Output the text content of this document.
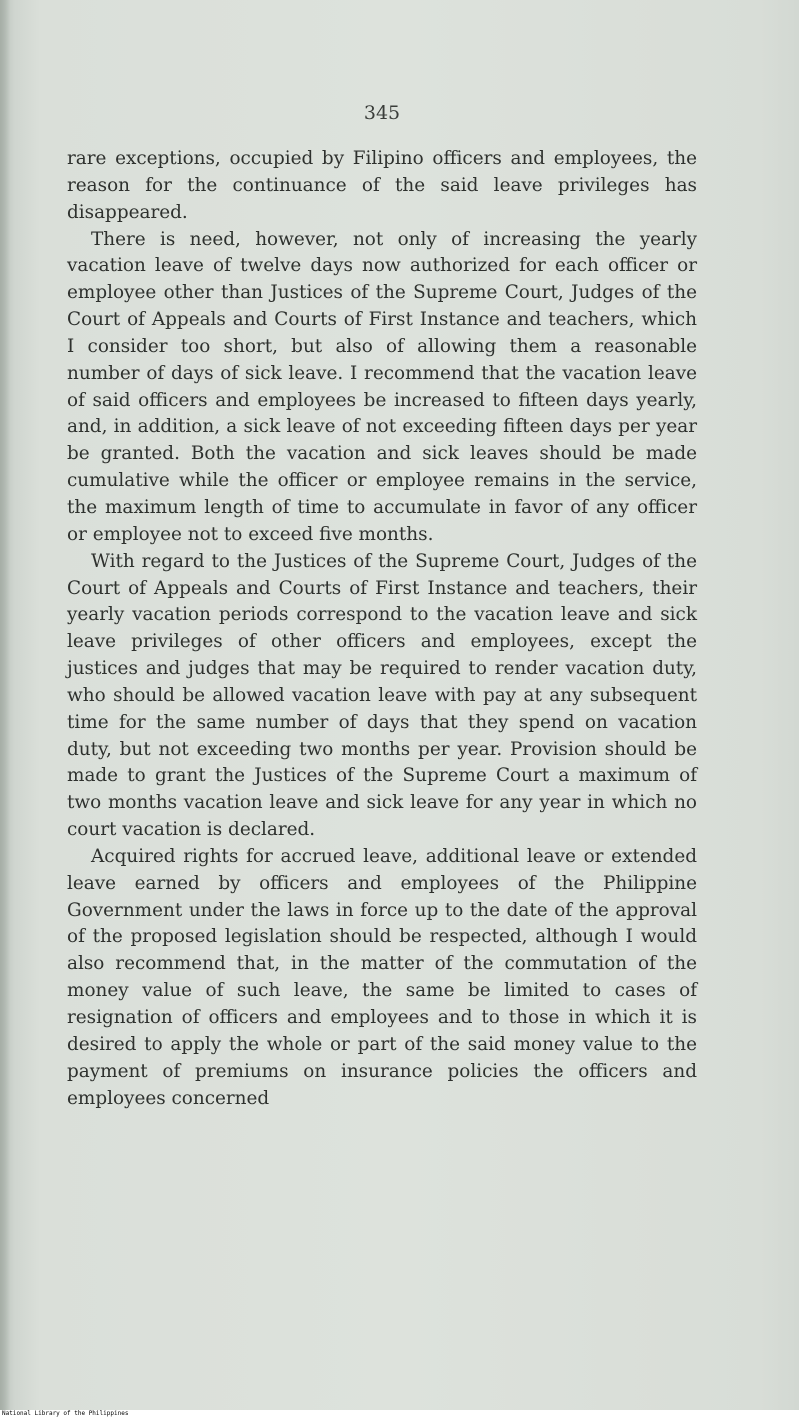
345

rare exceptions, occupied by Filipino officers and employees, the reason for the continuance of the said leave privileges has disappeared.

There is need, however, not only of increasing the yearly vacation leave of twelve days now authorized for each officer or employee other than Justices of the Supreme Court, Judges of the Court of Appeals and Courts of First Instance and teachers, which I consider too short, but also of allowing them a reasonable number of days of sick leave. I recommend that the vacation leave of said officers and employees be increased to fifteen days yearly, and, in addition, a sick leave of not exceeding fifteen days per year be granted. Both the vacation and sick leaves should be made cumulative while the officer or employee remains in the service, the maximum length of time to accumulate in favor of any officer or employee not to exceed five months.

With regard to the Justices of the Supreme Court, Judges of the Court of Appeals and Courts of First Instance and teachers, their yearly vacation periods correspond to the vacation leave and sick leave privileges of other officers and employees, except the justices and judges that may be required to render vacation duty, who should be allowed vacation leave with pay at any subsequent time for the same number of days that they spend on vacation duty, but not exceeding two months per year. Provision should be made to grant the Justices of the Supreme Court a maximum of two months vacation leave and sick leave for any year in which no court vacation is declared.

Acquired rights for accrued leave, additional leave or extended leave earned by officers and employees of the Philippine Government under the laws in force up to the date of the approval of the proposed legislation should be respected, although I would also recommend that, in the matter of the commutation of the money value of such leave, the same be limited to cases of resignation of officers and employees and to those in which it is desired to apply the whole or part of the said money value to the payment of premiums on insurance policies the officers and employees concerned

National Library of the Philippines
